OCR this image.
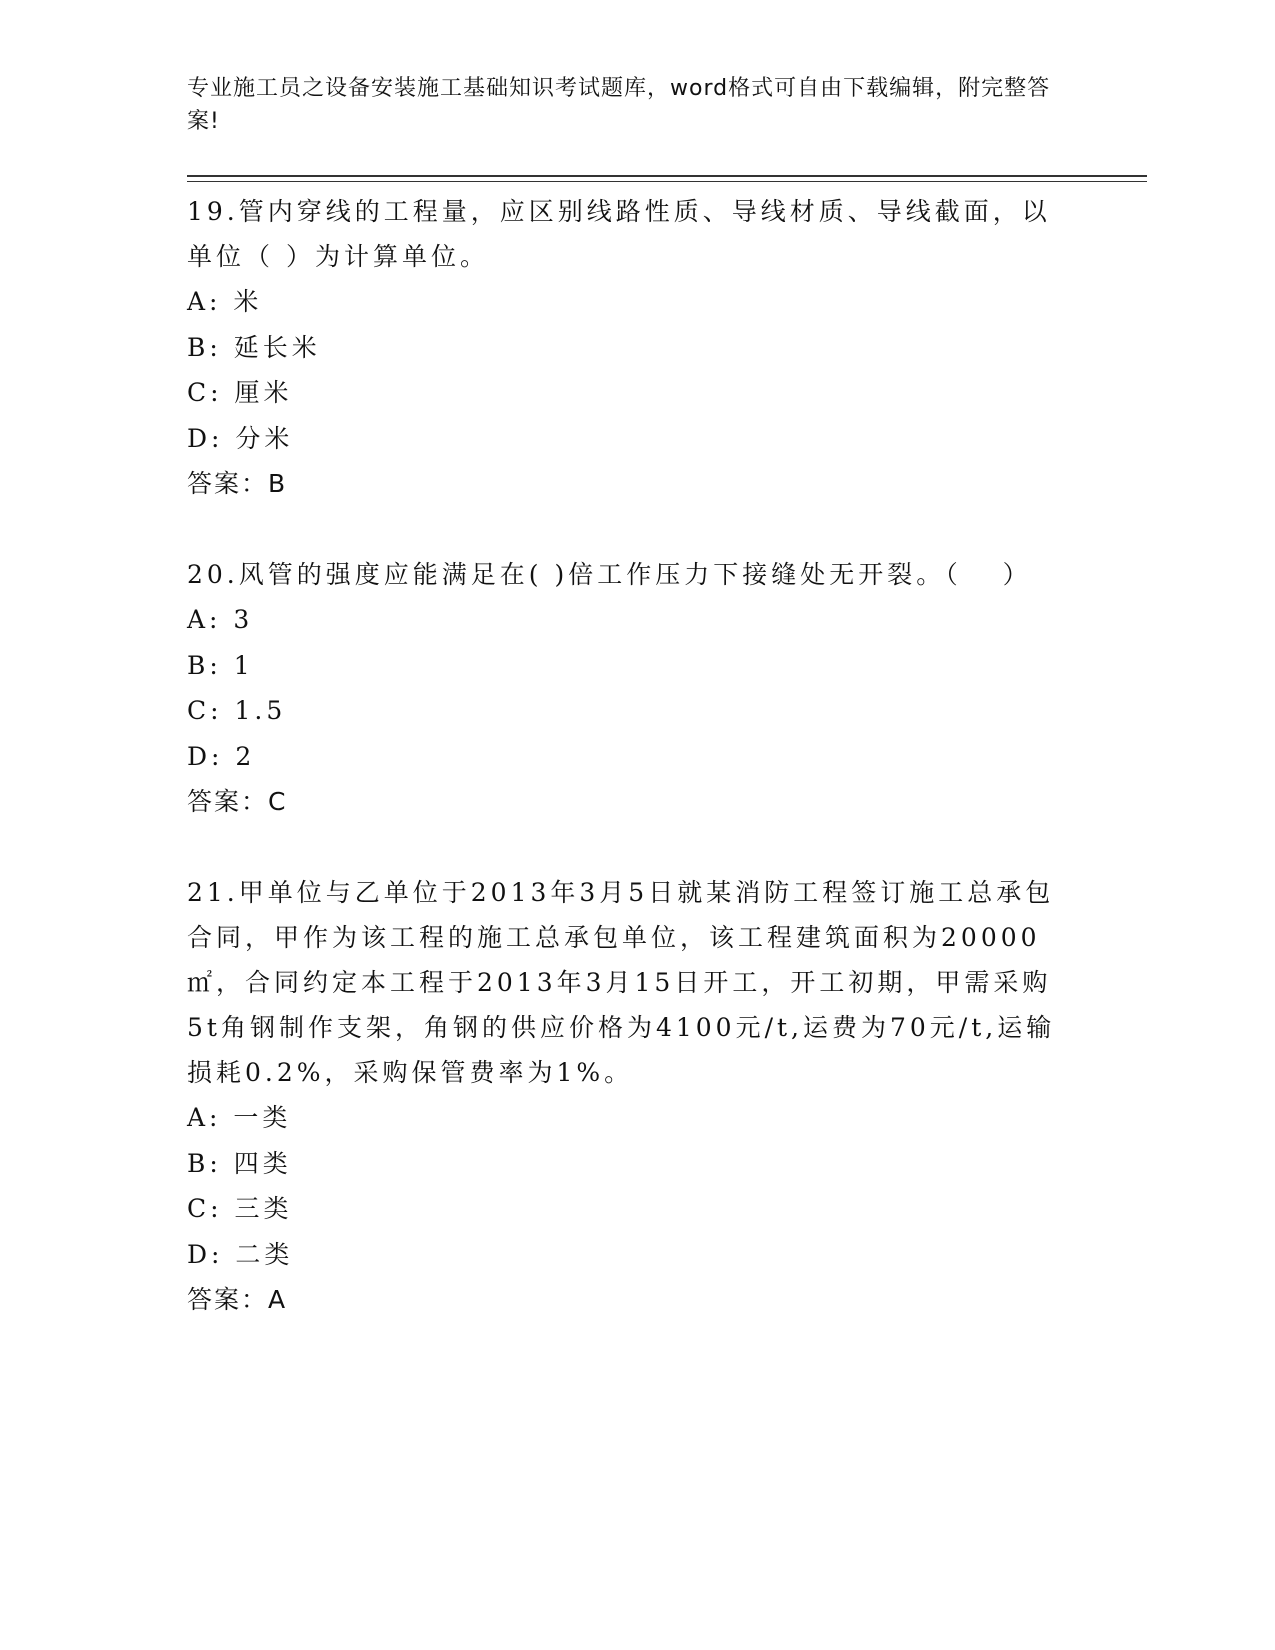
专业施工员之设备安装施工基础知识考试题库，word格式可自由下载编辑，附完整答案!
19.管内穿线的工程量，应区别线路性质、导线材质、导线截面，以单位（ ）为计算单位。
A: 米
B: 延长米
C: 厘米
D: 分米
答案：B
20.风管的强度应能满足在( )倍工作压力下接缝处无开裂。（　 ）
A: 3
B: 1
C: 1.5
D: 2
答案：C
21.甲单位与乙单位于2013年3月5日就某消防工程签订施工总承包合同，甲作为该工程的施工总承包单位，该工程建筑面积为20000㎡，合同约定本工程于2013年3月15日开工，开工初期，甲需采购5t角钢制作支架，角钢的供应价格为4100元/t,运费为70元/t,运输损耗0.2%，采购保管费率为1%。
A: 一类
B: 四类
C: 三类
D: 二类
答案：A
